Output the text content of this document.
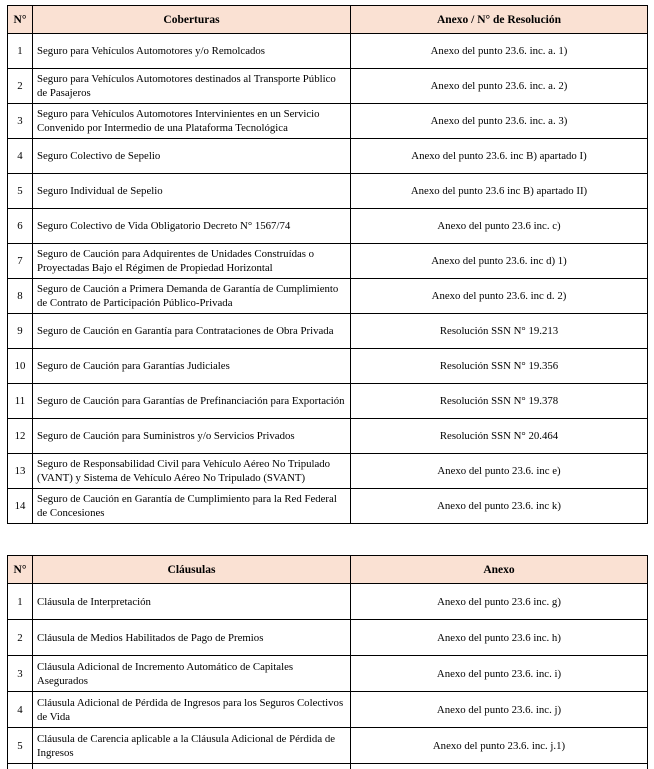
N°	Coberturas	Anexo / N° de Resolución
1	Seguro para Vehículos Automotores y/o Remolcados	Anexo del punto 23.6. inc. a. 1)
2	Seguro para Vehículos Automotores destinados al Transporte Público de Pasajeros	Anexo del punto 23.6. inc. a. 2)
3	Seguro para Vehículos Automotores Intervinientes en un Servicio Convenido por Intermedio de una Plataforma Tecnológica	Anexo del punto 23.6. inc. a. 3)
4	Seguro Colectivo de Sepelio	Anexo del punto 23.6. inc B) apartado I)
5	Seguro Individual de Sepelio	Anexo del punto 23.6 inc B) apartado II)
6	Seguro Colectivo de Vida Obligatorio Decreto N° 1567/74	Anexo del punto 23.6 inc. c)
7	Seguro de Caución para Adquirentes de Unidades Construídas o Proyectadas Bajo el Régimen de Propiedad Horizontal	Anexo del punto 23.6. inc d) 1)
8	Seguro de Caución a Primera Demanda de Garantía de Cumplimiento de Contrato de Participación Público-Privada	Anexo del punto 23.6. inc d. 2)
9	Seguro de Caución en Garantía para Contrataciones de Obra Privada	Resolución SSN N° 19.213
10	Seguro de Caución para Garantías Judiciales	Resolución SSN N° 19.356
11	Seguro de Caución para Garantías de Prefinanciación para Exportación	Resolución SSN N° 19.378
12	Seguro de Caución para Suministros y/o Servicios Privados	Resolución SSN N° 20.464
13	Seguro de Responsabilidad Civil para Vehículo Aéreo No Tripulado (VANT) y Sistema de Vehículo Aéreo No Tripulado (SVANT)	Anexo del punto 23.6. inc e)
14	Seguro de Caución en Garantía de Cumplimiento para la Red Federal de Concesiones	Anexo del punto 23.6. inc k)
N°	Cláusulas	Anexo
1	Cláusula de Interpretación	Anexo del punto 23.6 inc. g)
2	Cláusula de Medios Habilitados de Pago de Premios	Anexo del punto 23.6 inc. h)
3	Cláusula Adicional de Incremento Automático de Capitales Asegurados	Anexo del punto 23.6. inc. i)
4	Cláusula Adicional de Pérdida de Ingresos para los Seguros Colectivos de Vida	Anexo del punto 23.6. inc. j)
5	Cláusula de Carencia aplicable a la Cláusula Adicional de Pérdida de Ingresos	Anexo del punto 23.6. inc. j.1)
